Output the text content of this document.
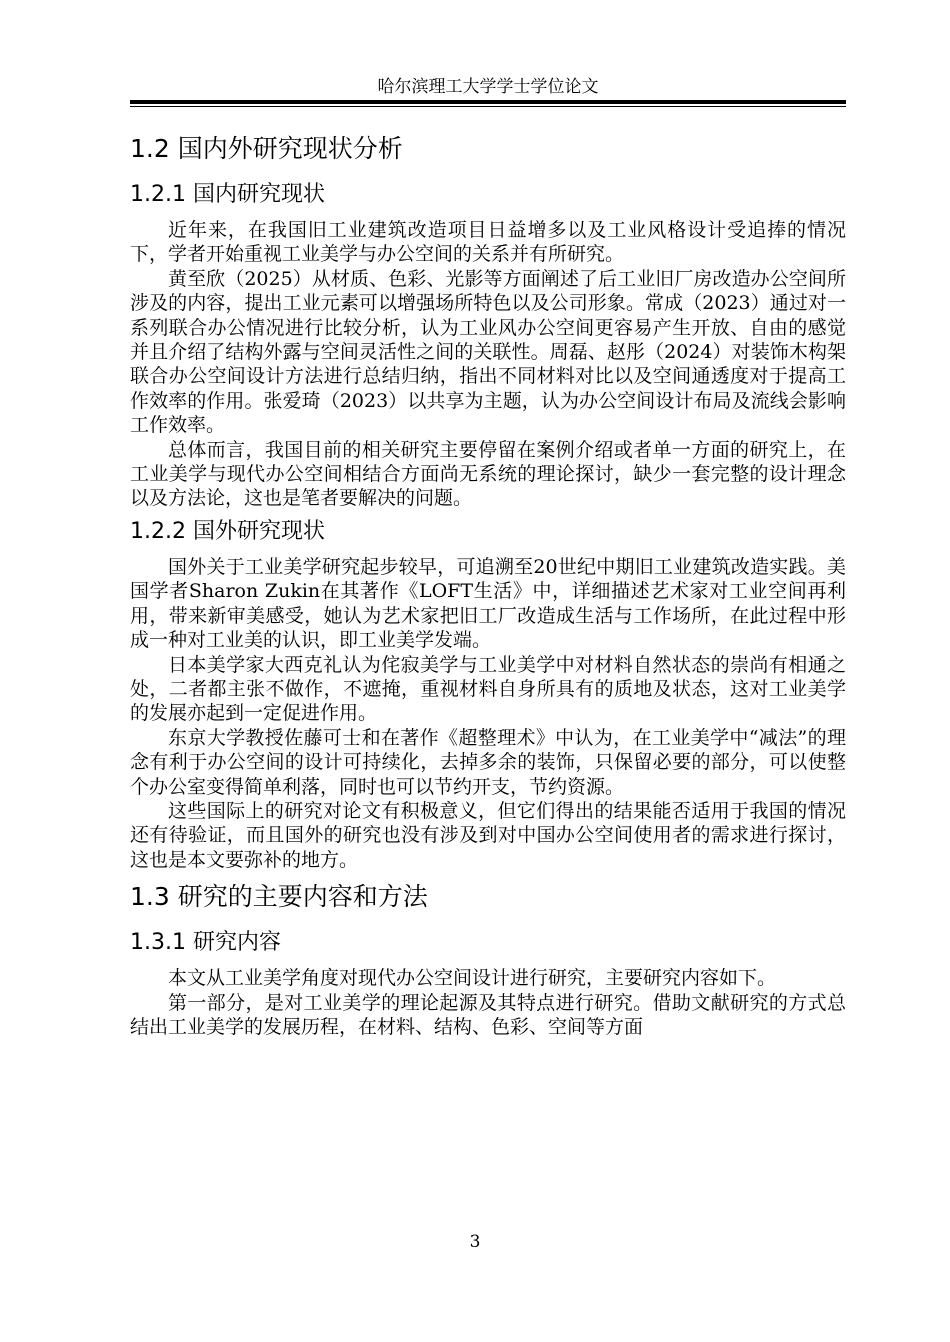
哈尔滨理工大学学士学位论文
1.2 国内外研究现状分析
1.2.1 国内研究现状

近年来，在我国旧工业建筑改造项目日益增多以及工业风格设计受追捧的情况下，学者开始重视工业美学与办公空间的关系并有所研究。

黄至欣（2025）从材质、色彩、光影等方面阐述了后工业旧厂房改造办公空间所涉及的内容，提出工业元素可以增强场所特色以及公司形象。常成（2023）通过对一系列联合办公情况进行比较分析，认为工业风办公空间更容易产生开放、自由的感觉并且介绍了结构外露与空间灵活性之间的关联性。周磊、赵彤（2024）对装饰木构架联合办公空间设计方法进行总结归纳，指出不同材料对比以及空间通透度对于提高工作效率的作用。张爱琦（2023）以共享为主题，认为办公空间设计布局及流线会影响工作效率。

总体而言，我国目前的相关研究主要停留在案例介绍或者单一方面的研究上，在工业美学与现代办公空间相结合方面尚无系统的理论探讨，缺少一套完整的设计理念以及方法论，这也是笔者要解决的问题。

1.2.2 国外研究现状

国外关于工业美学研究起步较早，可追溯至20世纪中期旧工业建筑改造实践。美国学者Sharon Zukin在其著作《LOFT生活》中，详细描述艺术家对工业空间再利用，带来新审美感受，她认为艺术家把旧工厂改造成生活与工作场所，在此过程中形成一种对工业美的认识，即工业美学发端。

日本美学家大西克礼认为侘寂美学与工业美学中对材料自然状态的崇尚有相通之处，二者都主张不做作，不遮掩，重视材料自身所具有的质地及状态，这对工业美学的发展亦起到一定促进作用。

东京大学教授佐藤可士和在著作《超整理术》中认为，在工业美学中“减法”的理念有利于办公空间的设计可持续化，去掉多余的装饰，只保留必要的部分，可以使整个办公室变得简单利落，同时也可以节约开支，节约资源。

这些国际上的研究对论文有积极意义，但它们得出的结果能否适用于我国的情况还有待验证，而且国外的研究也没有涉及到对中国办公空间使用者的需求进行探讨，这也是本文要弥补的地方。

1.3 研究的主要内容和方法
1.3.1 研究内容

本文从工业美学角度对现代办公空间设计进行研究，主要研究内容如下。

第一部分，是对工业美学的理论起源及其特点进行研究。借助文献研究的方式总结出工业美学的发展历程，在材料、结构、色彩、空间等方面

3
